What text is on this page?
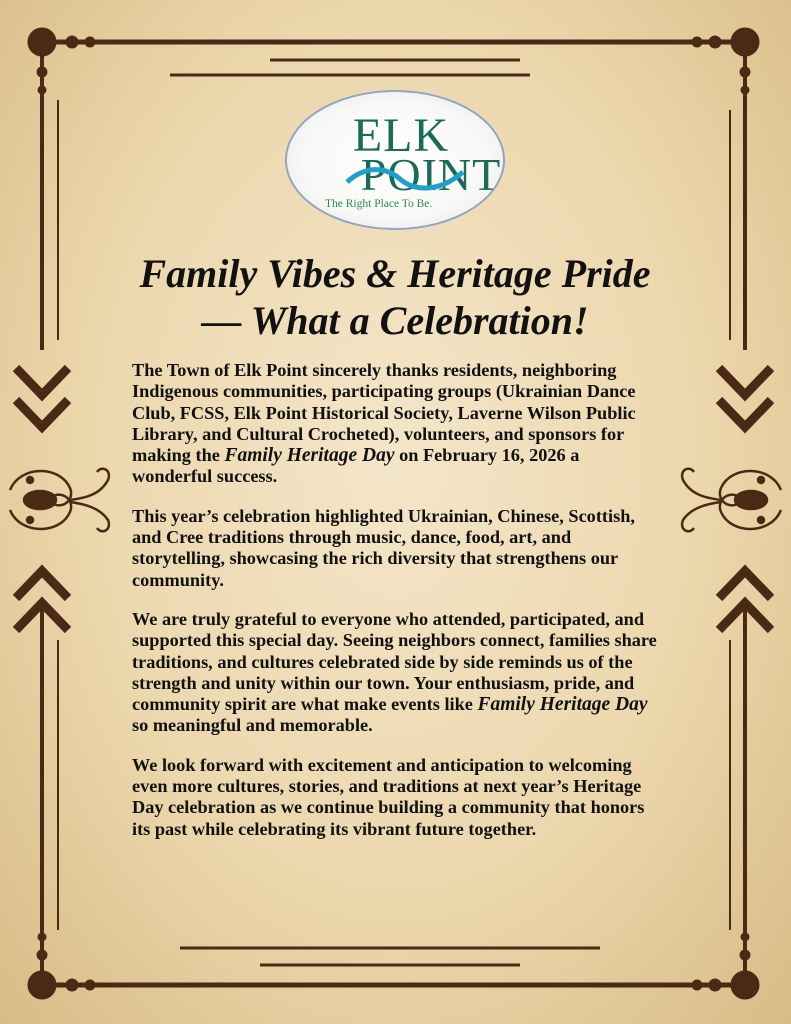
ELK
POINT
The Right Place To Be.
Family Vibes & Heritage Pride
— What a Celebration!

The Town of Elk Point sincerely thanks residents, neighboring Indigenous communities, participating groups (Ukrainian Dance Club, FCSS, Elk Point Historical Society, Laverne Wilson Public Library, and Cultural Crocheted), volunteers, and sponsors for making the Family Heritage Day on February 16, 2026 a wonderful success.

This year’s celebration highlighted Ukrainian, Chinese, Scottish, and Cree traditions through music, dance, food, art, and storytelling, showcasing the rich diversity that strengthens our community.

We are truly grateful to everyone who attended, participated, and supported this special day. Seeing neighbors connect, families share traditions, and cultures celebrated side by side reminds us of the strength and unity within our town. Your enthusiasm, pride, and community spirit are what make events like Family Heritage Day so meaningful and memorable.

We look forward with excitement and anticipation to welcoming even more cultures, stories, and traditions at next year’s Heritage Day celebration as we continue building a community that honors its past while celebrating its vibrant future together.
